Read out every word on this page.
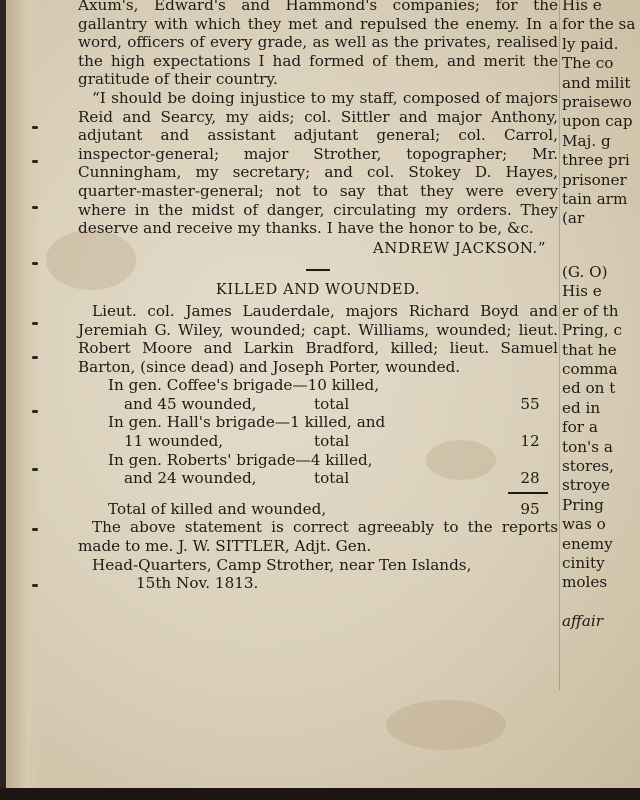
Axum's, Edward's and Hammond's companies; for the gallantry with which they met and repulsed the enemy. In a word, officers of every grade, as well as the privates, realised the high expectations I had formed of them, and merit the gratitude of their country.

“I should be doing injustice to my staff, composed of majors Reid and Searcy, my aids; col. Sittler and major Anthony, adjutant and assistant adjutant general; col. Carrol, inspector-general; major Strother, topographer; Mr. Cunningham, my secretary; and col. Stokey D. Hayes, quarter-master-general; not to say that they were every where in the midst of danger, circulating my orders. They deserve and receive my thanks. I have the honor to be, &c.

ANDREW JACKSON.”
KILLED AND WOUNDED.

Lieut. col. James Lauderdale, majors Richard Boyd and Jeremiah G. Wiley, wounded; capt. Williams, wounded; lieut. Robert Moore and Larkin Bradford, killed; lieut. Samuel Barton, (since dead) and Joseph Porter, wounded.

In gen. Coffee's brigade—10 killed,
and 45 wounded,	total	55
In gen. Hall's brigade—1 killed, and
11 wounded,	total	12
In gen. Roberts' brigade—4 killed,
and 24 wounded,	total	28
Total of killed and wounded,	95

The above statement is correct agreeably to the reports made to me. J. W. SITTLER, Adjt. Gen.

Head-Quarters, Camp Strother, near Ten Islands,

15th Nov. 1813.

His e
for the sa
ly paid.
The co
and milit
praisewo
upon cap
Maj. g
three pri
prisoner
tain arm
(ar
(G. O)
His e
er of th
Pring, c
that he
comma
ed on t
ed in
for a
ton's a
stores,
stroye
Pring
was o
enemy
cinity
moles

affair
